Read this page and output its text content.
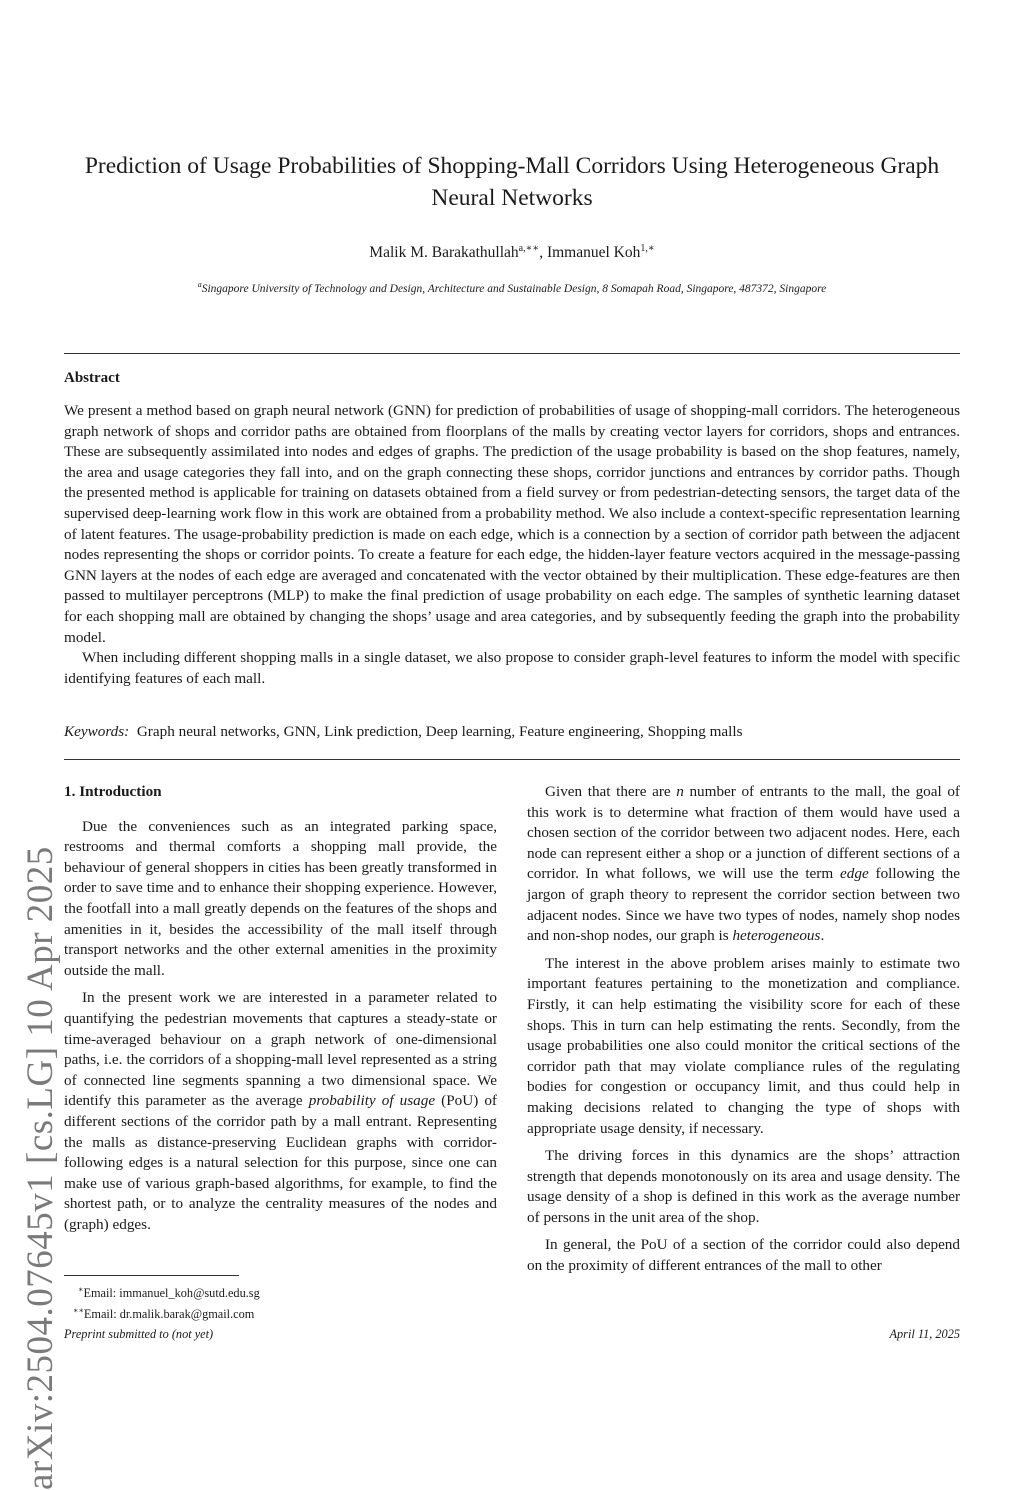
arXiv:2504.07645v1 [cs.LG] 10 Apr 2025
Prediction of Usage Probabilities of Shopping-Mall Corridors Using Heterogeneous Graph Neural Networks
Malik M. Barakathullah$^{a,∗∗}$, Immanuel Koh$^{1,∗}$
$^a$Singapore University of Technology and Design, Architecture and Sustainable Design, 8 Somapah Road, Singapore, 487372, Singapore
Abstract

We present a method based on graph neural network (GNN) for prediction of probabilities of usage of shopping-mall corridors. The heterogeneous graph network of shops and corridor paths are obtained from floorplans of the malls by creating vector layers for corridors, shops and entrances. These are subsequently assimilated into nodes and edges of graphs. The prediction of the usage probability is based on the shop features, namely, the area and usage categories they fall into, and on the graph connecting these shops, corridor junctions and entrances by corridor paths. Though the presented method is applicable for training on datasets obtained from a field survey or from pedestrian-detecting sensors, the target data of the supervised deep-learning work flow in this work are obtained from a probability method. We also include a context-specific representation learning of latent features. The usage-probability prediction is made on each edge, which is a connection by a section of corridor path between the adjacent nodes representing the shops or corridor points. To create a feature for each edge, the hidden-layer feature vectors acquired in the message-passing GNN layers at the nodes of each edge are averaged and concatenated with the vector obtained by their multiplication. These edge-features are then passed to multilayer perceptrons (MLP) to make the final prediction of usage probability on each edge. The samples of synthetic learning dataset for each shopping mall are obtained by changing the shops’ usage and area categories, and by subsequently feeding the graph into the probability model.

When including different shopping malls in a single dataset, we also propose to consider graph-level features to inform the model with specific identifying features of each mall.

Keywords: Graph neural networks, GNN, Link prediction, Deep learning, Feature engineering, Shopping malls
1. Introduction

Due the conveniences such as an integrated parking space, restrooms and thermal comforts a shopping mall provide, the behaviour of general shoppers in cities has been greatly transformed in order to save time and to enhance their shopping experience. However, the footfall into a mall greatly depends on the features of the shops and amenities in it, besides the accessibility of the mall itself through transport networks and the other external amenities in the proximity outside the mall.

In the present work we are interested in a parameter related to quantifying the pedestrian movements that captures a steady-state or time-averaged behaviour on a graph network of one-dimensional paths, i.e. the corridors of a shopping-mall level represented as a string of connected line segments spanning a two dimensional space. We identify this parameter as the average probability of usage (PoU) of different sections of the corridor path by a mall entrant. Representing the malls as distance-preserving Euclidean graphs with corridor-following edges is a natural selection for this purpose, since one can make use of various graph-based algorithms, for example, to find the shortest path, or to analyze the centrality measures of the nodes and (graph) edges.

Given that there are n number of entrants to the mall, the goal of this work is to determine what fraction of them would have used a chosen section of the corridor between two adjacent nodes. Here, each node can represent either a shop or a junction of different sections of a corridor. In what follows, we will use the term edge following the jargon of graph theory to represent the corridor section between two adjacent nodes. Since we have two types of nodes, namely shop nodes and non-shop nodes, our graph is heterogeneous.

The interest in the above problem arises mainly to estimate two important features pertaining to the monetization and compliance. Firstly, it can help estimating the visibility score for each of these shops. This in turn can help estimating the rents. Secondly, from the usage probabilities one also could monitor the critical sections of the corridor path that may violate compliance rules of the regulating bodies for congestion or occupancy limit, and thus could help in making decisions related to changing the type of shops with appropriate usage density, if necessary.

The driving forces in this dynamics are the shops’ attraction strength that depends monotonously on its area and usage density. The usage density of a shop is defined in this work as the average number of persons in the unit area of the shop.

In general, the PoU of a section of the corridor could also depend on the proximity of different entrances of the mall to other

∗Email: immanuel_koh@sutd.edu.sg
∗∗Email: dr.malik.barak@gmail.com
Preprint submitted to (not yet)	April 11, 2025
